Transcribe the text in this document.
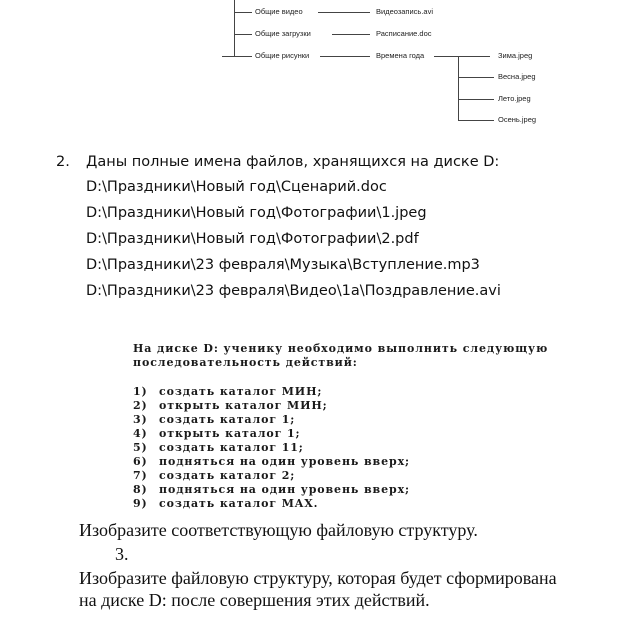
Общие видео	Видеозапись.avi
Общие загрузки	Расписание.doc
Общие рисунки	Времена года	Зима.jpeg
Весна.jpeg
Лето.jpeg
Осень.jpeg
2. Даны полные имена файлов, хранящихся на диске D:
D:\Праздники\Новый год\Сценарий.doc
D:\Праздники\Новый год\Фотографии\1.jpeg
D:\Праздники\Новый год\Фотографии\2.pdf
D:\Праздники\23 февраля\Музыка\Вступление.mp3
D:\Праздники\23 февраля\Видео\1а\Поздравление.avi
На диске D: ученику необходимо выполнить следующую
последовательность действий:
1) создать каталог МИН;
2) открыть каталог МИН;
3) создать каталог 1;
4) открыть каталог 1;
5) создать каталог 11;
6) подняться на один уровень вверх;
7) создать каталог 2;
8) подняться на один уровень вверх;
9) создать каталог MAX.
Изобразите соответствующую файловую структуру.
3.
Изобразите файловую структуру, которая будет сформирована
на диске D: после совершения этих действий.
